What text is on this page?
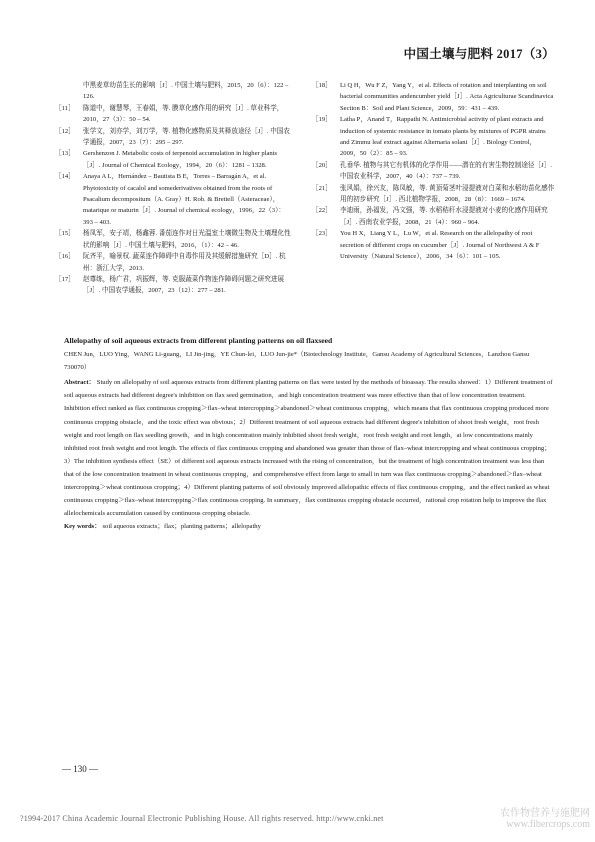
中国土壤与肥料 2017（3）
中黑麦草幼苗生长的影响［J］. 中国土壤与肥料，2015，20（6）：122 – 126.
［11］ 陈道中，谢慧琴，王春娟，等. 膜草化感作用的研究［J］. 草业科学，2010，27（3）：50 – 54.
［12］ 张学文，刘亦学，刘万学，等. 植物化感物质及其释放途径［J］. 中国农学通报，2007，23（7）：295 – 297.
［13］ Gershenzon J. Metabolic costs of terpenoid accumulation in higher plants［J］. Journal of Chemical Ecology，1994，20（6）：1281 – 1328.
［14］ Anaya A L，Hernández – Bautista B E，Torres – Barragán A，et al. Phytotoxicity of cacalol and somederivatives obtained from the roots of Psacalium decompositum（A. Gray）H. Rob. & Brettell（Asteraceae），matarique or maturin［J］. Journal of chemical ecology，1996，22（3）：393 – 403.
［15］ 杨凤军，安子靖，杨鑫蓉. 番茄连作对日光温室土壤微生物及土壤理化性状的影响［J］. 中国土壤与肥料，2016，（1）：42 – 46.
［16］ 阮齐平，喻景权. 蔬菜连作障碍中自毒作用及其缓解措施研究［D］. 杭州：浙江大学，2013.
［17］ 赵尊练，杨广君，巩振辉，等. 克服蔬菜作物连作障碍问题之研究进展［J］. 中国农学通报，2007，23（12）：277 – 281.
［18］ Li Q H，Wu F Z，Yang Y，et al. Effects of rotation and interplanting on soil bacterial communities andencumber yield［J］. Acta Agriculturae Scandinavica Section B：Soil and Plant Science，2009，59：431 – 439.
［19］ Latha P，Anand T，Rappathi N. Antimicrobial activity of plant extracts and induction of systemic resistance in tomato plants by mixtures of PGPR strains and Zimmu leaf extract against Alternaria solani［J］. Biology Control，2009，50（2）：85 – 93.
［20］ 孔垂华. 植物与其它有机体的化学作用——潜在的有害生物控制途径［J］. 中国农业科学，2007，40（4）：737 – 739.
［21］ 张风娟，徐兴友，陈凤敏，等. 黄顶菊茎叶浸提液对白菜和水稻幼苗化感作用的初步研究［J］. 西北植物学报，2008，28（8）：1669 – 1674.
［22］ 李迪雨，孙福发，冯文强，等. 水稻秸秆水浸提液对小麦的化感作用研究［J］. 西南农业学报，2008，21（4）：960 – 964.
［23］ You H X，Liang Y L，Lu W，et al. Research on the allelopathy of root secretion of different crops on cucumber［J］. Journal of Northwest A & F University（Natural Science），2006，34（6）：101 – 105.
Allelopathy of soil aqueous extracts from different planting patterns on oil flaxseed
CHEN Jun，LUO Ying，WANG Li-guang，LI Jin-jing，YE Chun-lei，LUO Jun-jie*（Biotechnology Institute，Gansu Academy of Agricultural Sciences，Lanzhou Gansu 730070）
Abstract： Study on allelopathy of soil aqueous extracts from different planting patterns on flax were tested by the methods of bioassay. The results showed：1）Different treatment of soil aqueous extracts had different degree's inhibition on flax seed germination，and high concentration treatment was more effective than that of low concentration treatment. Inhibition effect ranked as flax continuous cropping＞flax–wheat intercropping＞abandoned＞wheat continuous cropping，which means that flax continuous cropping produced more continuous cropping obstacle，and the toxic effect was obvious；2）Different treatment of soil aqueous extracts had different degree's inhibition of shoot fresh weight，root fresh weight and root length on flax seedling growth，and in high concentration mainly inhibited shoot fresh weight，root fresh weight and root length，at low concentrations mainly inhibited root fresh weight and root length. The effects of flax continuous cropping and abandoned was greater than those of flax–wheat intercropping and wheat continuous cropping；3）The inhibition synthesis effect（SE）of different soil aqueous extracts increased with the rising of concentration，but the treatment of high concentration treatment was less than that of the low concentration treatment in wheat continuous cropping，and comprehensive effect from large to small in turn was flax continuous cropping＞abandoned＞flax–wheat intercropping＞wheat continuous cropping；4）Different planting patterns of soil obviously improved allelopathic effects of flax continuous cropping，and the effect ranked as wheat continuous cropping＞flax–wheat intercropping＞flax continuous cropping. In summary，flax continuous cropping obstacle occurred，rational crop rotation help to improve the flax allelochemicals accumulation caused by continuous cropping obstacle.
Key words： soil aqueous extracts；flax；planting patterns；allelopathy
— 130 —
?1994-2017 China Academic Journal Electronic Publishing House. All rights reserved. http://www.cnki.net	农作物营养与施肥网 www.fibercrops.com
